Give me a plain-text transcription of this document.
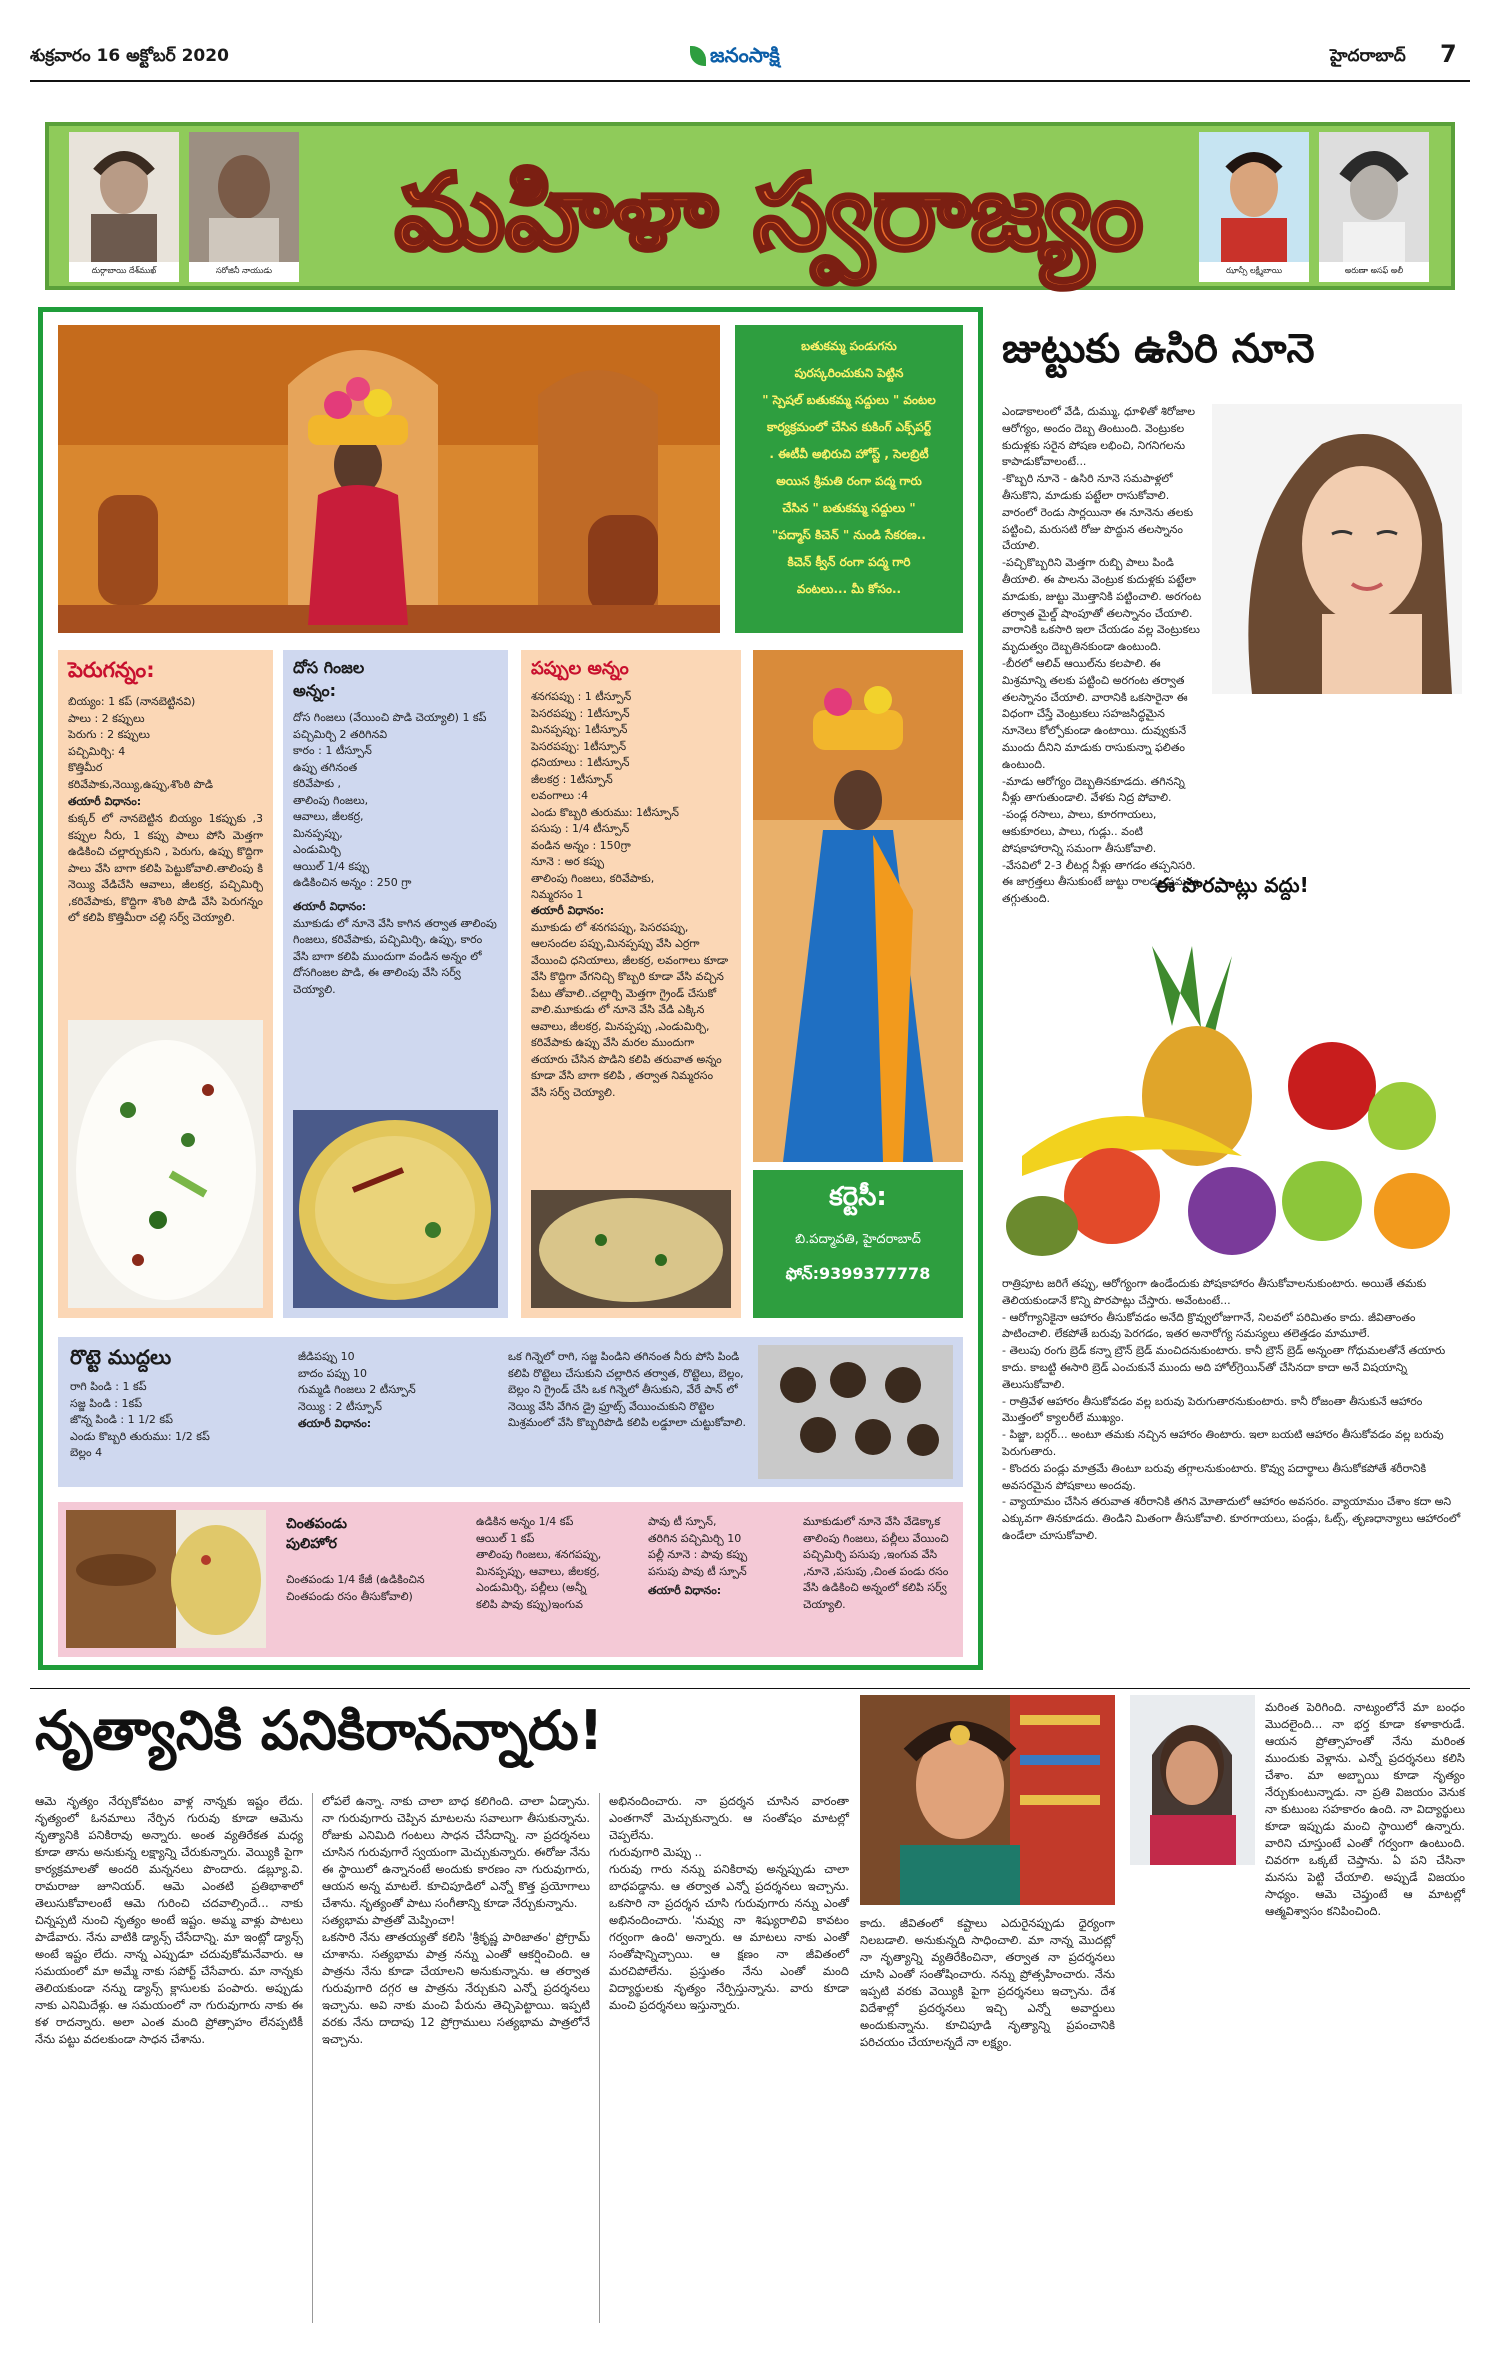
శుక్రవారం 16 అక్టోబర్ 2020	జనంసాక్షి	హైదరాబాద్ 7
దుర్గాబాయి దేశ్‌ముఖ్	సరోజినీ నాయుడు మహిళా స్వరాజ్యం	ఝాన్సీ లక్ష్మీబాయి	అరుణా అసఫ్ అలీ
బతుకమ్మ పండుగను
పురస్కరించుకుని పెట్టిన
" స్పెషల్ బతుకమ్మ సద్దులు " వంటల
కార్యక్రమంలో చేసిన కుకింగ్ ఎక్స్‌పర్ట్
. ఈటీవీ అభిరుచి హోస్ట్ , సెలబ్రిటీ
అయిన శ్రీమతి రంగా పద్మ గారు
చేసిన " బతుకమ్మ సద్దులు "
"పద్మాస్ కిచెన్ " నుండి సేకరణ..
కిచెన్ క్వీన్ రంగా పద్మ గారి
వంటలు... మీ కోసం..
పెరుగన్నం:
బియ్యం: 1 కప్ (నానబెట్టినవి)
పాలు : 2 కప్పులు
పెరుగు : 2 కప్పులు
పచ్చిమిర్చి: 4
కొత్తిమీర
కరివేపాకు,నెయ్యి,ఉప్పు,శొంఠి పొడి
తయారీ విధానం:
కుక్కర్ లో నానబెట్టిన బియ్యం 1కప్పుకు ,3 కప్పుల నీరు, 1 కప్పు పాలు పోసి మెత్తగా ఉడికించి చల్లార్చుకుని , పెరుగు, ఉప్పు కొద్దిగా పాలు వేసి బాగా కలిపి పెట్టుకోవాలి.తాలింపు కి నెయ్యి వేడిచేసి ఆవాలు, జీలకర్ర, పచ్చిమిర్చి ,కరివేపాకు, కొద్దిగా శొంఠి పొడి వేసి పెరుగన్నం లో కలిపి కొత్తిమీరా చల్లి సర్వ్ చెయ్యాలి.
దోస గింజల
అన్నం:
దోస గింజలు (వేయించి పొడి చెయ్యాలి) 1 కప్
పచ్చిమిర్చి 2 తరిగినవి
కారం : 1 టీస్పూన్
ఉప్పు తగినంత
కరివేపాకు ,
తాలింపు గింజలు,
ఆవాలు, జీలకర్ర,
మినప్పప్పు,
ఎండుమిర్చి
ఆయిల్ 1/4 కప్పు
ఉడికించిన అన్నం : 250 గ్రా
తయారీ విధానం:
మూకుడు లో నూనె వేసి కాగిన తర్వాత తాలింపు గింజలు, కరివేపాకు, పచ్చిమిర్చి, ఉప్పు, కారం వేసి బాగా కలిపి ముందుగా వండిన అన్నం లో దోసగింజల పొడి, ఈ తాలింపు వేసి సర్వ్ చెయ్యాలి.
పప్పుల అన్నం
శనగపప్పు : 1 టీస్పూన్
పెసరపప్పు : 1టీస్పూన్
మినప్పప్పు: 1టీస్పూన్
పెసరపప్పు: 1టీస్పూన్
ధనియాలు : 1టీస్పూన్
జీలకర్ర : 1టీస్పూన్
లవంగాలు :4
ఎండు కొబ్బరి తురుము: 1టీస్పూన్
పసుపు : 1/4 టీస్పూన్
వండిన అన్నం : 150గ్రా
నూనె : అర కప్పు
తాలింపు గింజలు, కరివేపాకు,
నిమ్మరసం 1
తయారీ విధానం:
మూకుడు లో శనగపప్పు, పెసరపప్పు, ఆలసందల పప్పు,మినప్పప్పు వేసి ఎర్రగా వేయించి ధనియాలు, జీలకర్ర, లవంగాలు కూడా వేసి కొద్దిగా వేగనిచ్చి కొబ్బరి కూడా వేసి వచ్చిన పేటు తోవాలి..చల్లార్చి మెత్తగా గ్రైండ్ చేసుకో వాలి.మూకుడు లో నూనె వేసి వేడి ఎక్కిన ఆవాలు, జీలకర్ర, మినప్పప్పు ,ఎండుమిర్చి, కరివేపాకు ఉప్పు వేసి మరల ముందుగా తయారు చేసిన పొడిని కలిపి తరువాత అన్నం కూడా వేసి బాగా కలిపి , తర్వాత నిమ్మరసం వేసి సర్వ్ చెయ్యాలి.
కర్టెసీ:
బి.పద్మావతి, హైదరాబాద్
ఫోన్:9399377778
రొట్టె ముద్దలు
రాగి పిండి : 1 కప్
సజ్జ పిండి : 1కప్
జొన్న పిండి : 1 1/2 కప్
ఎండు కొబ్బరి తురుము: 1/2 కప్
బెల్లం 4
జీడిపప్పు 10
బాదం పప్పు 10
గుమ్మడి గింజలు 2 టీస్పూన్
నెయ్యి : 2 టీస్పూన్
తయారీ విధానం:
ఒక గిన్నెలో రాగి, సజ్జ పిండిని తగినంత నీరు పోసి పిండి కలిపి రొట్టెలు చేసుకుని చల్లారిన తర్వాత, రొట్టెలు, బెల్లం, బెల్లం ని గ్రైండ్ చేసి ఒక గిన్నెలో తీసుకుని, వేరే పాన్ లో నెయ్యి వేసి వేగిన డ్రై ఫ్రూట్స్ వేయించుకుని రొట్టెల మిశ్రమంలో వేసి కొబ్బరిపొడి కలిపి లడ్డూలా చుట్టుకోవాలి.
చింతపండు
పులిహోర
చింతపండు 1/4 కేజీ (ఉడికించిన చింతపండు రసం తీసుకోవాలి)
ఉడికిన అన్నం 1/4 కప్
ఆయిల్ 1 కప్
తాలింపు గింజలు, శనగపప్పు,
మినప్పప్పు, ఆవాలు, జీలకర్ర,
ఎండుమిర్చి, పల్లీలు (అన్నీ
కలిపి పావు కప్పు)ఇంగువ
పావు టీ స్పూన్,
తరిగిన పచ్చిమిర్చి 10
పల్లీ నూనె : పావు కప్పు
పసుపు పావు టీ స్పూన్
తయారీ విధానం:
మూకుడులో నూనె వేసి వేడెక్కాక తాలింపు గింజలు, పల్లీలు వేయించి పచ్చిమిర్చి పసుపు ,ఇంగువ వేసి ,నూనె ,పసుపు ,చింత పండు రసం వేసి ఉడికించి అన్నంలో కలిపి సర్వ్ చెయ్యాలి.
జుట్టుకు ఉసిరి నూనె
ఎండాకాలంలో వేడి, దుమ్ము, ధూళితో శిరోజాల ఆరోగ్యం, అందం దెబ్బ తింటుంది. వెంట్రుకల కుదుళ్లకు సరైన పోషణ లభించి, నిగనిగలను కాపాడుకోవాలంటే...
-కొబ్బరి నూనె - ఉసిరి నూనె సమపాళ్లలో తీసుకొని, మాడుకు పట్టేలా రాసుకోవాలి. వారంలో రెండు సార్లయినా ఈ నూనెను తలకు పట్టించి, మరుసటి రోజు పొద్దున తలస్నానం చేయాలి.
-పచ్చికొబ్బరిని మెత్తగా రుబ్బి పాలు పిండి తీయాలి. ఈ పాలను వెంట్రుక కుదుళ్లకు పట్టేలా మాడుకు, జుట్టు మొత్తానికి పట్టించాలి. అరగంట తర్వాత మైల్డ్ షాంపూతో తలస్నానం చేయాలి. వారానికి ఒకసారి ఇలా చేయడం వల్ల వెంట్రుకలు మృదుత్వం దెబ్బతినకుండా ఉంటుంది.
-బీరలో ఆలివ్ ఆయిల్‌ను కలపాలి. ఈ మిశ్రమాన్ని తలకు పట్టించి అరగంట తర్వాత తలస్నానం చేయాలి. వారానికి ఒకసారైనా ఈ విధంగా చేస్తే వెంట్రుకలు సహజసిద్ధమైన నూనెలు కోల్పోకుండా ఉంటాయి. దువ్వుకునే ముందు దీనిని మాడుకు రాసుకున్నా ఫలితం ఉంటుంది.
-మాడు ఆరోగ్యం దెబ్బతినకూడదు. తగినన్ని నీళ్లు తాగుతుండాలి. వేళకు నిద్ర పోవాలి.
-పండ్ల రసాలు, పాలు, కూరగాయలు, ఆకుకూరలు, పాలు, గుడ్లు.. వంటి పోషకాహారాన్ని సమంగా తీసుకోవాలి.
-వేసవిలో 2-3 లీటర్ల నీళ్లు తాగడం తప్పనిసరి. ఈ జాగ్రత్తలు తీసుకుంటే జుట్టు రాలడం సమస్య తగ్గుతుంది.
ఈ పొరపాట్లు వద్దు!
రాత్రిపూట జరిగే తప్పు, ఆరోగ్యంగా ఉండేందుకు పోషకాహారం తీసుకోవాలనుకుంటారు. అయితే తమకు తెలియకుండానే కొన్ని పొరపాట్లు చేస్తారు. అవేంటంటే...
- ఆరోగ్యానికైనా ఆహారం తీసుకోవడం అనేది క్రొవ్వులోజుగానే, నిలవలో పరిమితం కాదు. జీవితాంతం పాటించాలి. లేకపోతే బరువు పెరగడం, ఇతర అనారోగ్య సమస్యలు తలెత్తడం మామూలే.
- తెలుపు రంగు బ్రెడ్ కన్నా బ్రౌన్ బ్రెడ్ మంచిదనుకుంటారు. కానీ బ్రౌన్ బ్రెడ్ అన్నంతా గోధుమలతోనే తయారు కాదు. కాబట్టి ఈసారి బ్రెడ్ ఎంచుకునే ముందు అది హోల్‌గ్రెయిన్‌తో చేసినదా కాదా అనే విషయాన్ని తెలుసుకోవాలి.
- రాత్రివేళ ఆహారం తీసుకోవడం వల్ల బరువు పెరుగుతారనుకుంటారు. కానీ రోజంతా తీసుకునే ఆహారం మొత్తంలో క్యాలరీలే ముఖ్యం.
- పిజ్జా, బర్గర్‌... అంటూ తమకు నచ్చిన ఆహారం తింటారు. ఇలా బయటి ఆహారం తీసుకోవడం వల్ల బరువు పెరుగుతారు.
- కొందరు పండ్లు మాత్రమే తింటూ బరువు తగ్గాలనుకుంటారు. కొవ్వు పదార్థాలు తీసుకోకపోతే శరీరానికి అవసరమైన పోషకాలు అందవు.
- వ్యాయామం చేసిన తరువాత శరీరానికి తగిన మోతాదులో ఆహారం అవసరం. వ్యాయామం చేశాం కదా అని ఎక్కువగా తినకూడదు. తిండిని మితంగా తీసుకోవాలి. కూరగాయలు, పండ్లు, ఓట్స్‌, తృణధాన్యాలు ఆహారంలో ఉండేలా చూసుకోవాలి.
నృత్యానికి పనికిరానన్నారు!
ఆమె నృత్యం నేర్చుకోవటం వాళ్ల నాన్నకు ఇష్టం లేదు. నృత్యంలో ఓనమాలు నేర్పిన గురువు కూడా ఆమెను నృత్యానికి పనికిరావు అన్నారు. అంత వ్యతిరేకత మధ్య కూడా తాను అనుకున్న లక్ష్యాన్ని చేరుకున్నారు. వెయ్యికి పైగా కార్యక్రమాలతో అందరి మన్ననలు పొందారు. డబ్ల్యూ.వి. రామరాజు జూనియర్‌. ఆమె ఎంతటి ప్రతిభాశాలో తెలుసుకోవాలంటే ఆమె గురించి చదవాల్సిందే... నాకు చిన్నప్పటి నుంచి నృత్యం అంటే ఇష్టం. అమ్మ వాళ్లు పాటలు పాడేవారు. నేను వాటికి డ్యాన్స్‌ చేసేదాన్ని. మా ఇంట్లో డ్యాన్స్‌ అంటే ఇష్టం లేదు. నాన్న ఎప్పుడూ చదువుకోమనేవారు. ఆ సమయంలో మా అమ్మే నాకు సపోర్ట్‌ చేసేవారు. మా నాన్నకు తెలియకుండా నన్ను డ్యాన్స్‌ క్లాసులకు పంపారు. అప్పుడు నాకు ఎనిమిదేళ్లు. ఆ సమయంలో నా గురువుగారు నాకు ఈ కళ రాదన్నారు. అలా ఎంత మంది ప్రోత్సాహం లేనప్పటికీ నేను పట్టు వదలకుండా సాధన చేశాను.
లోపలే ఉన్నా. నాకు చాలా బాధ కలిగింది. చాలా ఏడ్చాను. నా గురువుగారు చెప్పిన మాటలను సవాలుగా తీసుకున్నాను. రోజుకు ఎనిమిది గంటలు సాధన చేసేదాన్ని. నా ప్రదర్శనలు చూసిన గురువుగారే స్వయంగా మెచ్చుకున్నారు. ఈరోజు నేను ఈ స్థాయిలో ఉన్నానంటే అందుకు కారణం నా గురువుగారు, ఆయన అన్న మాటలే. కూచిపూడిలో ఎన్నో కొత్త ప్రయోగాలు చేశాను. నృత్యంతో పాటు సంగీతాన్ని కూడా నేర్చుకున్నాను.
సత్యభామ పాత్రతో మెప్పించా!
ఒకసారి నేను తాతయ్యతో కలిసి 'శ్రీకృష్ణ పారిజాతం' ప్రోగ్రామ్‌ చూశాను. సత్యభామ పాత్ర నన్ను ఎంతో ఆకర్షించింది. ఆ పాత్రను నేను కూడా చేయాలని అనుకున్నాను. ఆ తర్వాత గురువుగారి దగ్గర ఆ పాత్రను నేర్చుకుని ఎన్నో ప్రదర్శనలు ఇచ్చాను. అవి నాకు మంచి పేరును తెచ్చిపెట్టాయి. ఇప్పటి వరకు నేను దాదాపు 12 ప్రోగ్రాములు సత్యభామ పాత్రలోనే ఇచ్చాను.
అభినందించారు. నా ప్రదర్శన చూసిన వారంతా ఎంతగానో మెచ్చుకున్నారు. ఆ సంతోషం మాటల్లో చెప్పలేను.
గురువుగారి మెప్పు ..
గురువు గారు నన్ను పనికిరావు అన్నప్పుడు చాలా బాధపడ్డాను. ఆ తర్వాత ఎన్నో ప్రదర్శనలు ఇచ్చాను. ఒకసారి నా ప్రదర్శన చూసి గురువుగారు నన్ను ఎంతో అభినందించారు. 'నువ్వు నా శిష్యురాలివి కావటం గర్వంగా ఉంది' అన్నారు. ఆ మాటలు నాకు ఎంతో సంతోషాన్నిచ్చాయి. ఆ క్షణం నా జీవితంలో మరచిపోలేను. ప్రస్తుతం నేను ఎంతో మంది విద్యార్థులకు నృత్యం నేర్పిస్తున్నాను. వారు కూడా మంచి ప్రదర్శనలు ఇస్తున్నారు.
కాదు. జీవితంలో కష్టాలు ఎదురైనప్పుడు ధైర్యంగా నిలబడాలి. అనుకున్నది సాధించాలి. మా నాన్న మొదట్లో నా నృత్యాన్ని వ్యతిరేకించినా, తర్వాత నా ప్రదర్శనలు చూసి ఎంతో సంతోషించారు. నన్ను ప్రోత్సహించారు. నేను ఇప్పటి వరకు వెయ్యికి పైగా ప్రదర్శనలు ఇచ్చాను. దేశ విదేశాల్లో ప్రదర్శనలు ఇచ్చి ఎన్నో అవార్డులు అందుకున్నాను. కూచిపూడి నృత్యాన్ని ప్రపంచానికి పరిచయం చేయాలన్నదే నా లక్ష్యం.
మరింత పెరిగింది. నాట్యంలోనే మా బంధం మొదలైంది... నా భర్త కూడా కళాకారుడే. ఆయన ప్రోత్సాహంతో నేను మరింత ముందుకు వెళ్లాను. ఎన్నో ప్రదర్శనలు కలిసి చేశాం. మా అబ్బాయి కూడా నృత్యం నేర్చుకుంటున్నాడు. నా ప్రతి విజయం వెనుక నా కుటుంబ సహకారం ఉంది. నా విద్యార్థులు కూడా ఇప్పుడు మంచి స్థాయిలో ఉన్నారు. వారిని చూస్తుంటే ఎంతో గర్వంగా ఉంటుంది. చివరగా ఒక్కటే చెప్తాను. ఏ పని చేసినా మనసు పెట్టి చేయాలి. అప్పుడే విజయం సాధ్యం. ఆమె చెప్తుంటే ఆ మాటల్లో ఆత్మవిశ్వాసం కనిపించింది.
